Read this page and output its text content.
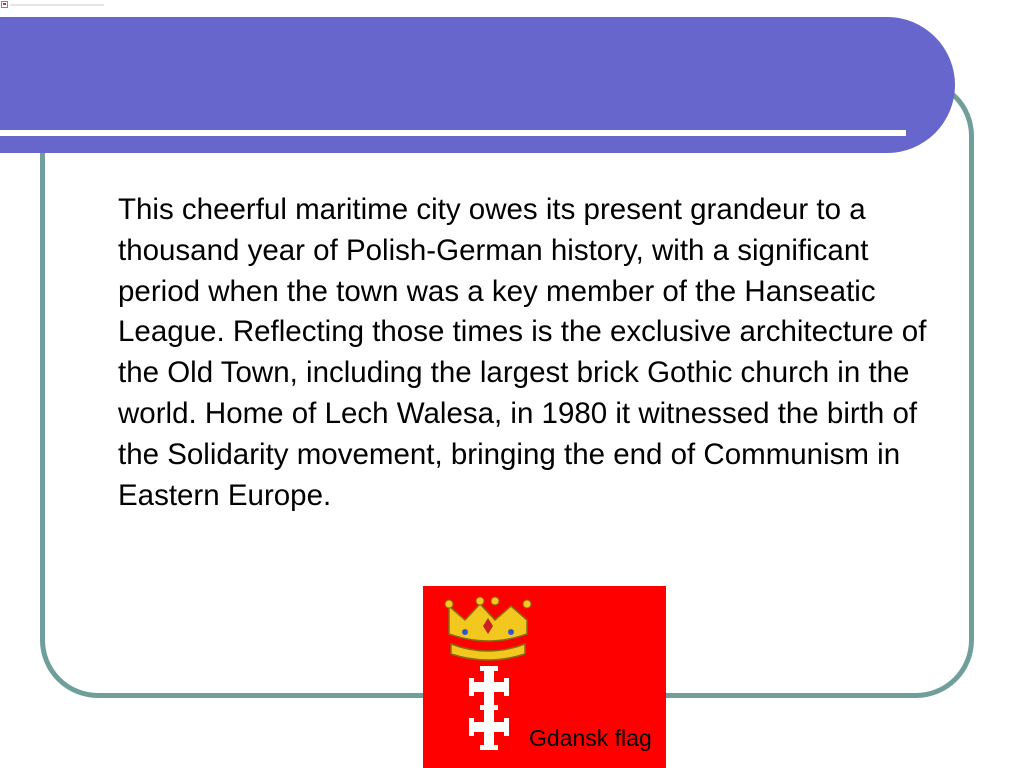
This cheerful maritime city owes its present grandeur to a thousand year of Polish-German history, with a significant period when the town was a key member of the Hanseatic League. Reflecting those times is the exclusive architecture of the Old Town, including the largest brick Gothic church in the world. Home of Lech Walesa, in 1980 it witnessed the birth of the Solidarity movement, bringing the end of Communism in Eastern Europe.

Gdansk flag
